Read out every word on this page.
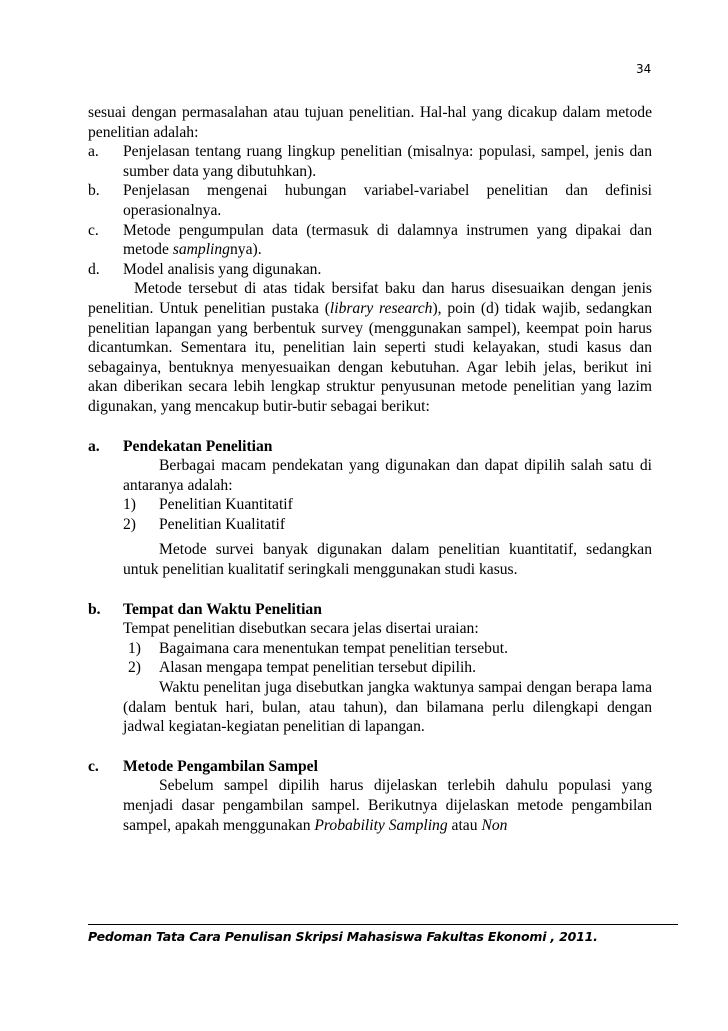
34

sesuai dengan permasalahan atau tujuan penelitian. Hal-hal yang dicakup dalam metode penelitian adalah:

a.	Penjelasan tentang ruang lingkup penelitian (misalnya: populasi, sampel, jenis dan sumber data yang dibutuhkan).
b.	Penjelasan mengenai hubungan variabel-variabel penelitian dan definisi operasionalnya.
c.	Metode pengumpulan data (termasuk di dalamnya instrumen yang dipakai dan metode samplingnya).
d.	Model analisis yang digunakan.

Metode tersebut di atas tidak bersifat baku dan harus disesuaikan dengan jenis penelitian. Untuk penelitian pustaka (library research), poin (d) tidak wajib, sedangkan penelitian lapangan yang berbentuk survey (menggunakan sampel), keempat poin harus dicantumkan. Sementara itu, penelitian lain seperti studi kelayakan, studi kasus dan sebagainya, bentuknya menyesuaikan dengan kebutuhan. Agar lebih jelas, berikut ini akan diberikan secara lebih lengkap struktur penyusunan metode penelitian yang lazim digunakan, yang mencakup butir-butir sebagai berikut:

a.	Pendekatan Penelitian

Berbagai macam pendekatan yang digunakan dan dapat dipilih salah satu di antaranya adalah:

1)	Penelitian Kuantitatif
2)	Penelitian Kualitatif

Metode survei banyak digunakan dalam penelitian kuantitatif, sedangkan untuk penelitian kualitatif seringkali menggunakan studi kasus.

b.	Tempat dan Waktu Penelitian

Tempat penelitian disebutkan secara jelas disertai uraian:

1)	Bagaimana cara menentukan tempat penelitian tersebut.
2)	Alasan mengapa tempat penelitian tersebut dipilih.

Waktu penelitan juga disebutkan jangka waktunya sampai dengan berapa lama (dalam bentuk hari, bulan, atau tahun), dan bilamana perlu dilengkapi dengan jadwal kegiatan-kegiatan penelitian di lapangan.

c.	Metode Pengambilan Sampel

Sebelum sampel dipilih harus dijelaskan terlebih dahulu populasi yang menjadi dasar pengambilan sampel. Berikutnya dijelaskan metode pengambilan sampel, apakah menggunakan Probability Sampling atau Non

Pedoman Tata Cara Penulisan Skripsi Mahasiswa Fakultas Ekonomi , 2011.
